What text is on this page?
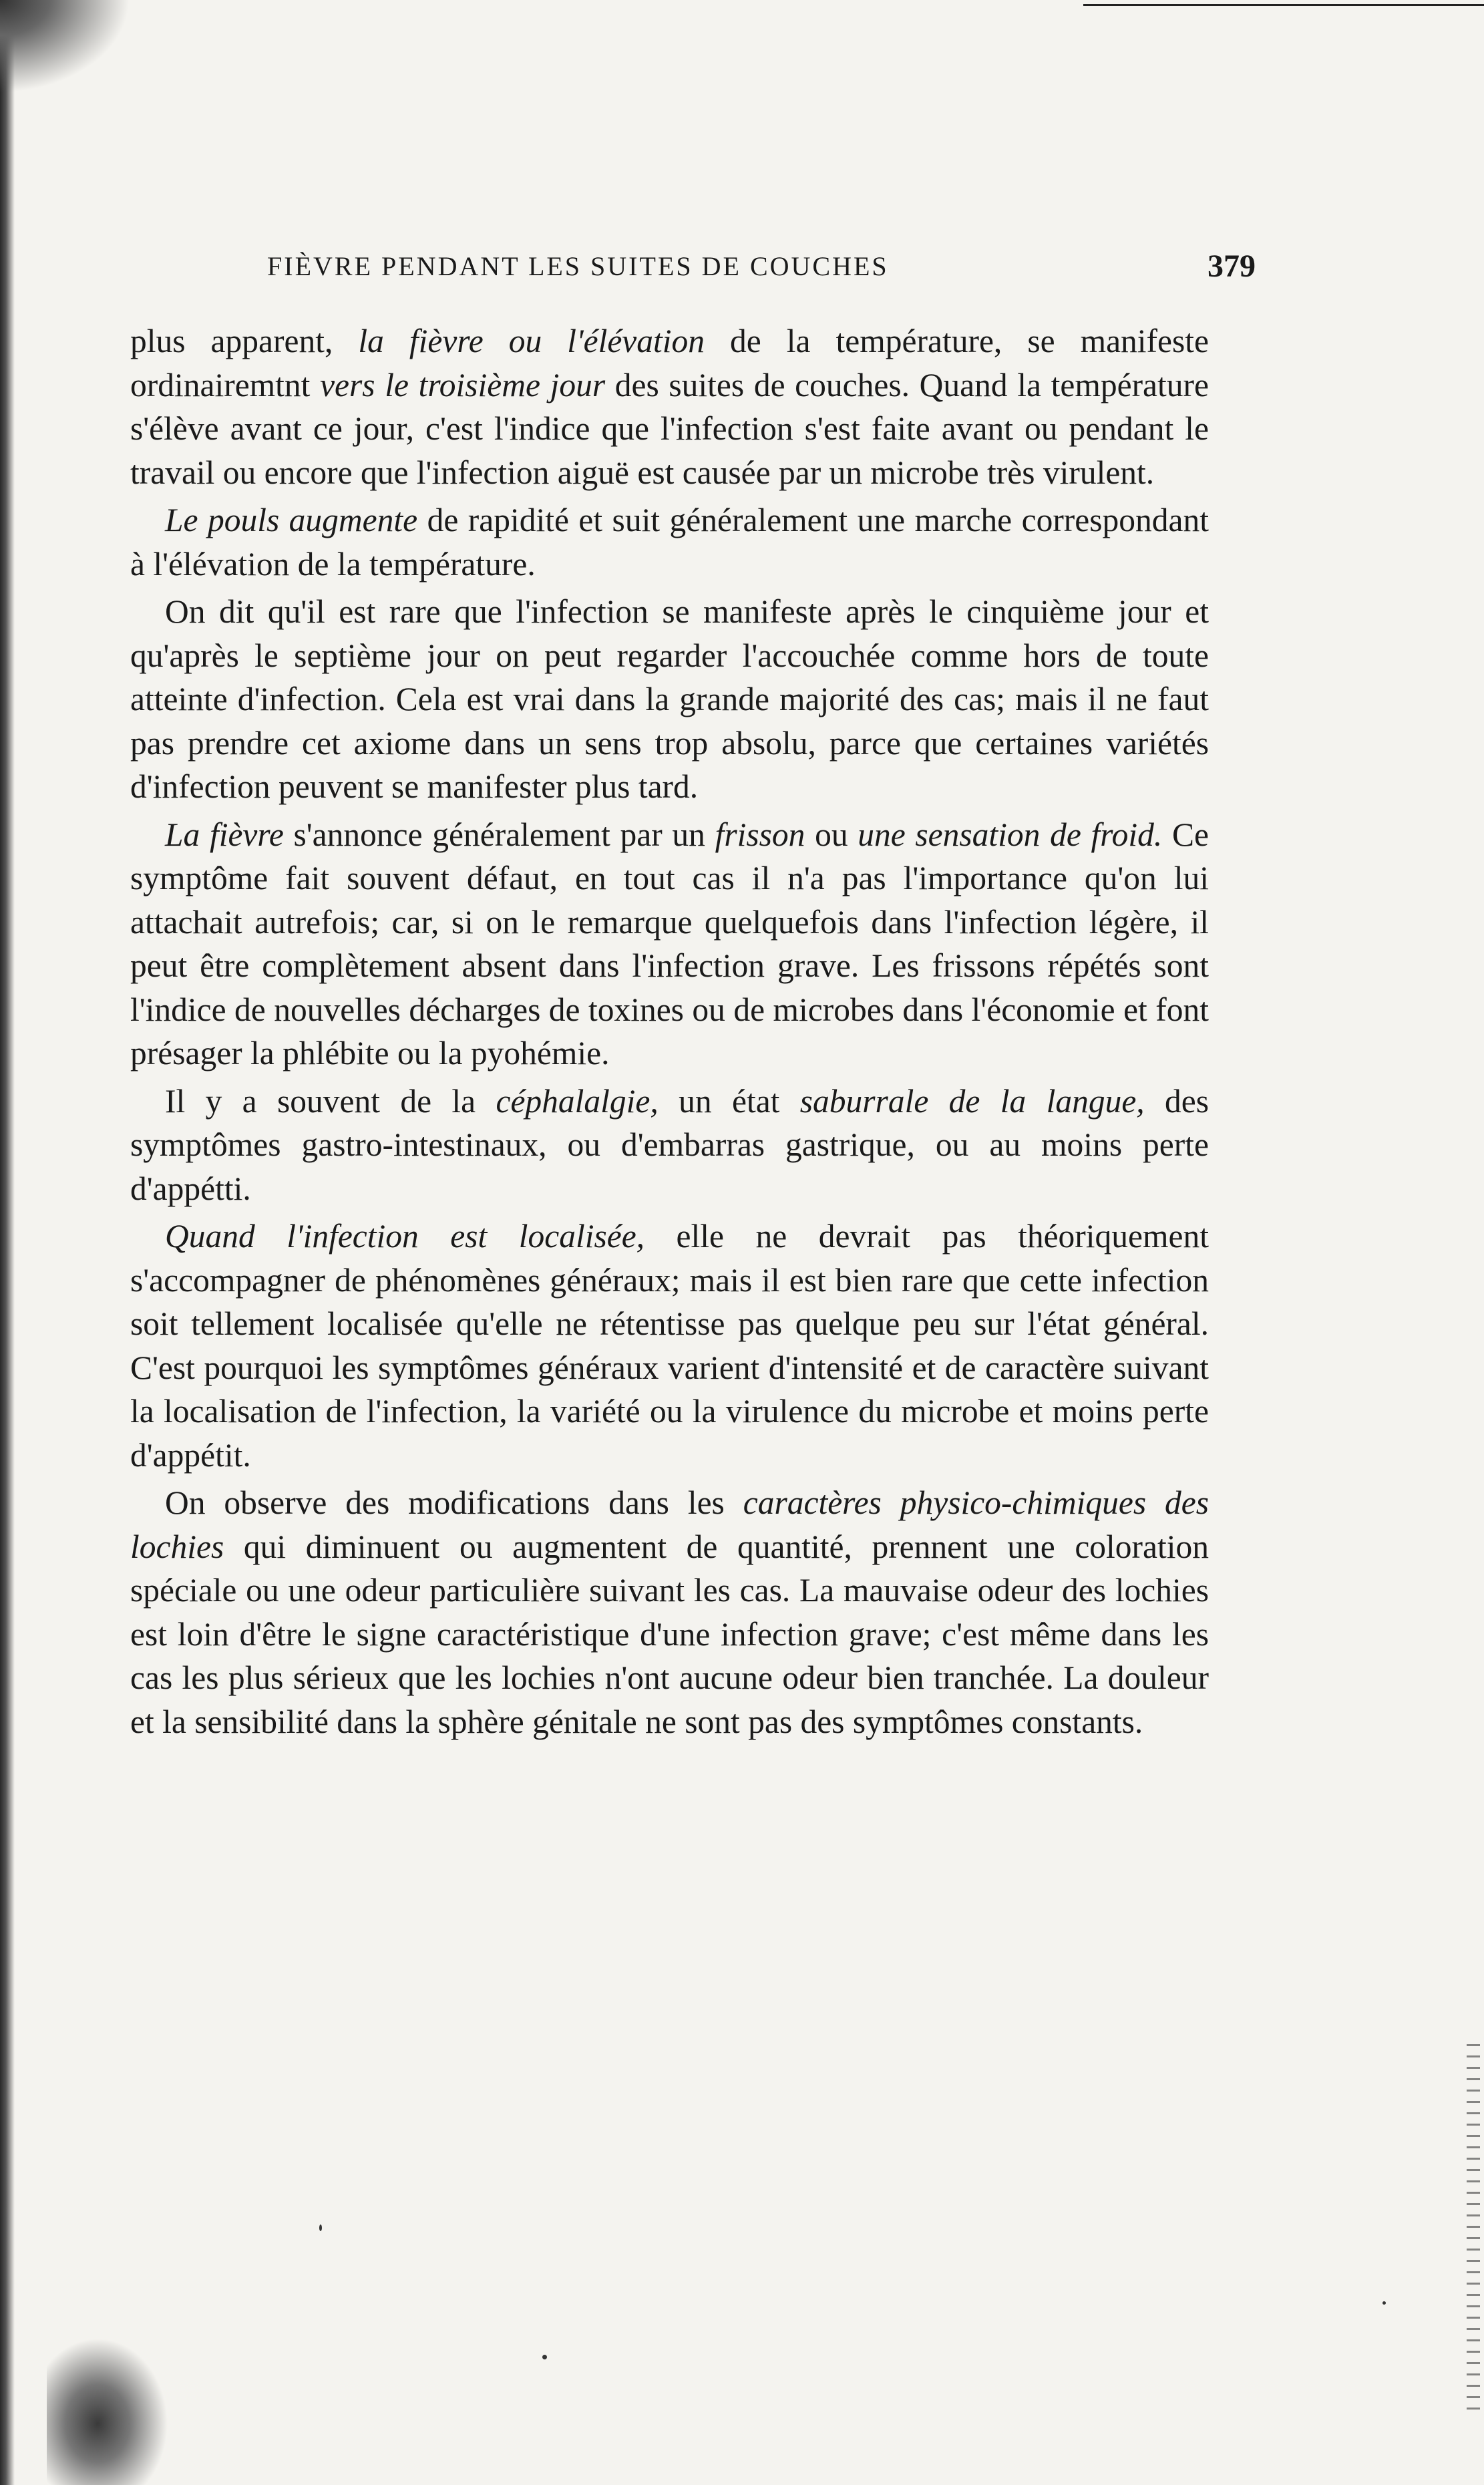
FIÈVRE PENDANT LES SUITES DE COUCHES	379

plus apparent, la fièvre ou l'élévation de la température, se manifeste ordinairemtnt vers le troisième jour des suites de couches. Quand la température s'élève avant ce jour, c'est l'indice que l'infection s'est faite avant ou pendant le travail ou encore que l'infection aiguë est causée par un microbe très virulent.

Le pouls augmente de rapidité et suit généralement une marche correspondant à l'élévation de la température.

On dit qu'il est rare que l'infection se manifeste après le cinquième jour et qu'après le septième jour on peut regarder l'accouchée comme hors de toute atteinte d'infection. Cela est vrai dans la grande majorité des cas; mais il ne faut pas prendre cet axiome dans un sens trop absolu, parce que certaines variétés d'infection peuvent se manifester plus tard.

La fièvre s'annonce généralement par un frisson ou une sensation de froid. Ce symptôme fait souvent défaut, en tout cas il n'a pas l'importance qu'on lui attachait autrefois; car, si on le remarque quelquefois dans l'infection légère, il peut être complètement absent dans l'infection grave. Les frissons répétés sont l'indice de nouvelles décharges de toxines ou de microbes dans l'économie et font présager la phlébite ou la pyohémie.

Il y a souvent de la céphalalgie, un état saburrale de la langue, des symptômes gastro-intestinaux, ou d'embarras gastrique, ou au moins perte d'appétti.

Quand l'infection est localisée, elle ne devrait pas théoriquement s'accompagner de phénomènes généraux; mais il est bien rare que cette infection soit tellement localisée qu'elle ne rétentisse pas quelque peu sur l'état général. C'est pourquoi les symptômes généraux varient d'intensité et de caractère suivant la localisation de l'infection, la variété ou la virulence du microbe et moins perte d'appétit.

On observe des modifications dans les caractères physico-chimiques des lochies qui diminuent ou augmentent de quantité, prennent une coloration spéciale ou une odeur particulière suivant les cas. La mauvaise odeur des lochies est loin d'être le signe caractéristique d'une infection grave; c'est même dans les cas les plus sérieux que les lochies n'ont aucune odeur bien tranchée. La douleur et la sensibilité dans la sphère génitale ne sont pas des symptômes constants.
